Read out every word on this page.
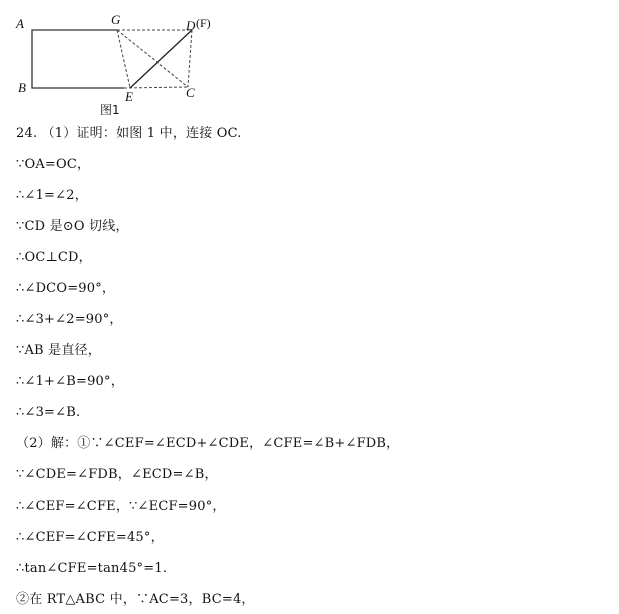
A
B
G	D (F)
E	C
图1
24. （1）证明：如图 1 中，连接 OC.
∵OA=OC，
∴∠1=∠2，
∵CD 是⊙O 切线，
∴OC⊥CD，
∴∠DCO=90°，
∴∠3+∠2=90°，
∵AB 是直径，
∴∠1+∠B=90°，
∴∠3=∠B.
（2）解：①∵∠CEF=∠ECD+∠CDE，∠CFE=∠B+∠FDB，
∵∠CDE=∠FDB，∠ECD=∠B，
∴∠CEF=∠CFE，∵∠ECF=90°，
∴∠CEF=∠CFE=45°，
∴tan∠CFE=tan45°=1.
②在 RT△ABC 中，∵AC=3，BC=4，
